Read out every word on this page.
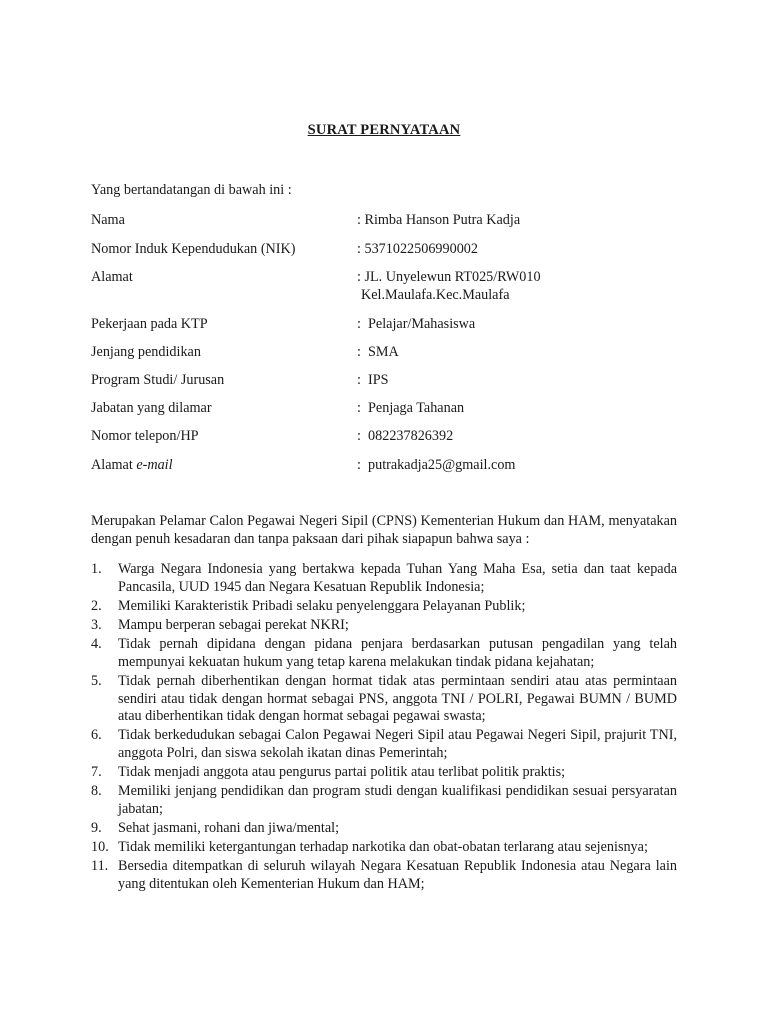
SURAT PERNYATAAN
Yang bertandatangan di bawah ini :
Nama	: Rimba Hanson Putra Kadja
Nomor Induk Kependudukan (NIK)	: 5371022506990002
Alamat	: JL. Unyelewun RT025/RW010
Kel.Maulafa.Kec.Maulafa
Pekerjaan pada KTP	:  Pelajar/Mahasiswa
Jenjang pendidikan	:  SMA
Program Studi/ Jurusan	:  IPS
Jabatan yang dilamar	:  Penjaga Tahanan
Nomor telepon/HP	:  082237826392
Alamat e-mail	:  putrakadja25@gmail.com
Merupakan Pelamar Calon Pegawai Negeri Sipil (CPNS) Kementerian Hukum dan HAM, menyatakan dengan penuh kesadaran dan tanpa paksaan dari pihak siapapun bahwa saya :
1. Warga Negara Indonesia yang bertakwa kepada Tuhan Yang Maha Esa, setia dan taat kepada Pancasila, UUD 1945 dan Negara Kesatuan Republik Indonesia;
2. Memiliki Karakteristik Pribadi selaku penyelenggara Pelayanan Publik;
3. Mampu berperan sebagai perekat NKRI;
4. Tidak pernah dipidana dengan pidana penjara berdasarkan putusan pengadilan yang telah mempunyai kekuatan hukum yang tetap karena melakukan tindak pidana kejahatan;
5. Tidak pernah diberhentikan dengan hormat tidak atas permintaan sendiri atau atas permintaan sendiri atau tidak dengan hormat sebagai PNS, anggota TNI / POLRI, Pegawai BUMN / BUMD atau diberhentikan tidak dengan hormat sebagai pegawai swasta;
6. Tidak berkedudukan sebagai Calon Pegawai Negeri Sipil atau Pegawai Negeri Sipil, prajurit TNI, anggota Polri, dan siswa sekolah ikatan dinas Pemerintah;
7. Tidak menjadi anggota atau pengurus partai politik atau terlibat politik praktis;
8. Memiliki jenjang pendidikan dan program studi dengan kualifikasi pendidikan sesuai persyaratan jabatan;
9. Sehat jasmani, rohani dan jiwa/mental;
10. Tidak memiliki ketergantungan terhadap narkotika dan obat-obatan terlarang atau sejenisnya;
11. Bersedia ditempatkan di seluruh wilayah Negara Kesatuan Republik Indonesia atau Negara lain yang ditentukan oleh Kementerian Hukum dan HAM;
